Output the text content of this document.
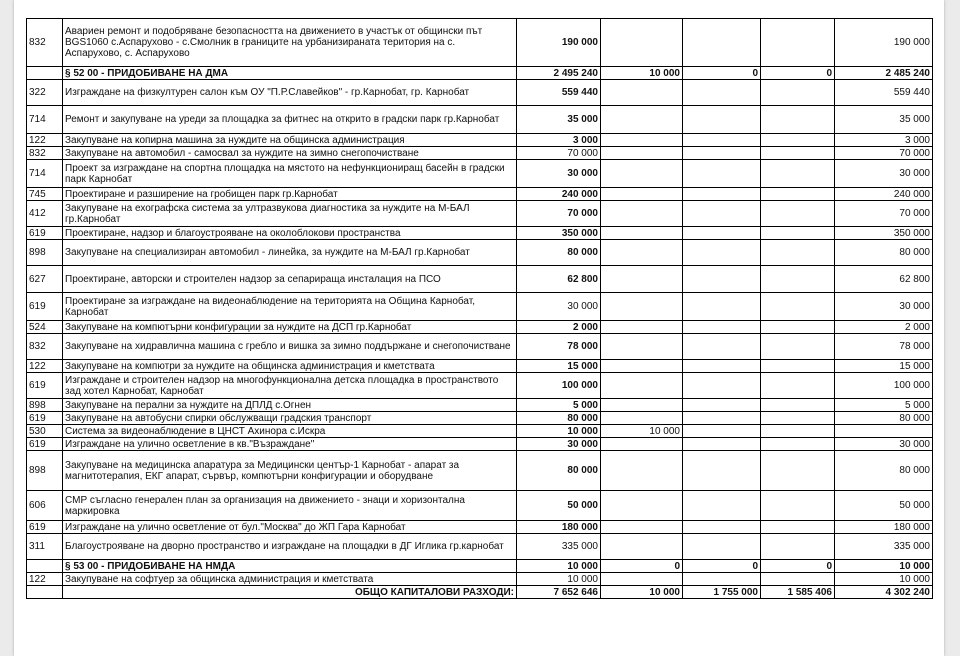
832	Авариен ремонт и подобряване безопасността на движението в участък от общински път BGS1060 с.Аспарухово - с.Смолник в границите на урбанизираната територия на с. Аспарухово, с. Аспарухово	190 000				190 000
	§ 52 00 - ПРИДОБИВАНЕ НА ДМА	2 495 240	10 000	0	0	2 485 240
322	Изграждане на физкултурен салон към ОУ "П.Р.Славейков" - гр.Карнобат, гр. Карнобат	559 440				559 440
714	Ремонт и закупуване на уреди за площадка за фитнес на открито в градски парк гр.Карнобат	35 000				35 000
122	Закупуване на копирна машина за нуждите на общинска администрация	3 000				3 000
832	Закупуване на автомобил - самосвал за нуждите на зимно снегопочистване	70 000				70 000
714	Проект за изграждане на спортна площадка на мястото на нефункциониращ басейн в градски парк Карнобат	30 000				30 000
745	Проектиране и разширение на гробищен парк гр.Карнобат	240 000				240 000
412	Закупуване на ехографска система за ултразвукова диагностика за нуждите на М-БАЛ гр.Карнобат	70 000				70 000
619	Проектиране, надзор и благоустрояване на околоблокови пространства	350 000				350 000
898	Закупуване на специализиран автомобил - линейка, за нуждите на М-БАЛ гр.Карнобат	80 000				80 000
627	Проектиране, авторски и строителен надзор за сепарираща инсталация на ПСО	62 800				62 800
619	Проектиране за изграждане на видеонаблюдение на територията на Община Карнобат, Карнобат	30 000				30 000
524	Закупуване на компютърни конфигурации за нуждите на ДСП гр.Карнобат	2 000				2 000
832	Закупуване на хидравлична машина с гребло и вишка за зимно поддържане и снегопочистване	78 000				78 000
122	Закупуване на компютри за нуждите на общинска администрация и кметствата	15 000				15 000
619	Изграждане и строителен надзор на многофункционална детска площадка в пространството зад хотел Карнобат, Карнобат	100 000				100 000
898	Закупуване на перални за нуждите на ДПЛД с.Огнен	5 000				5 000
619	Закупуване на автобусни спирки обслужващи градския транспорт	80 000				80 000
530	Система за видеонаблюдение в ЦНСТ Ахинора с.Искра	10 000	10 000			
619	Изграждане на улично осветление в кв."Възраждане"	30 000				30 000
898	Закупуване на медицинска апаратура за Медицински център-1 Карнобат - апарат за магнитотерапия, ЕКГ апарат, сървър, компютърни конфигурации и оборудване	80 000				80 000
606	СМР съгласно генерален план за организация на движението - знаци и хоризонтална маркировка	50 000				50 000
619	Изграждане на улично осветление от бул."Москва" до ЖП Гара Карнобат	180 000				180 000
311	Благоустрояване на дворно пространство и изграждане на площадки в ДГ Иглика гр.карнобат	335 000				335 000
	§ 53 00 - ПРИДОБИВАНЕ НА НМДА	10 000	0	0	0	10 000
122	Закупуване на софтуер за общинска администрация и кметствата	10 000				10 000
	ОБЩО КАПИТАЛОВИ РАЗХОДИ:	7 652 646	10 000	1 755 000	1 585 406	4 302 240
